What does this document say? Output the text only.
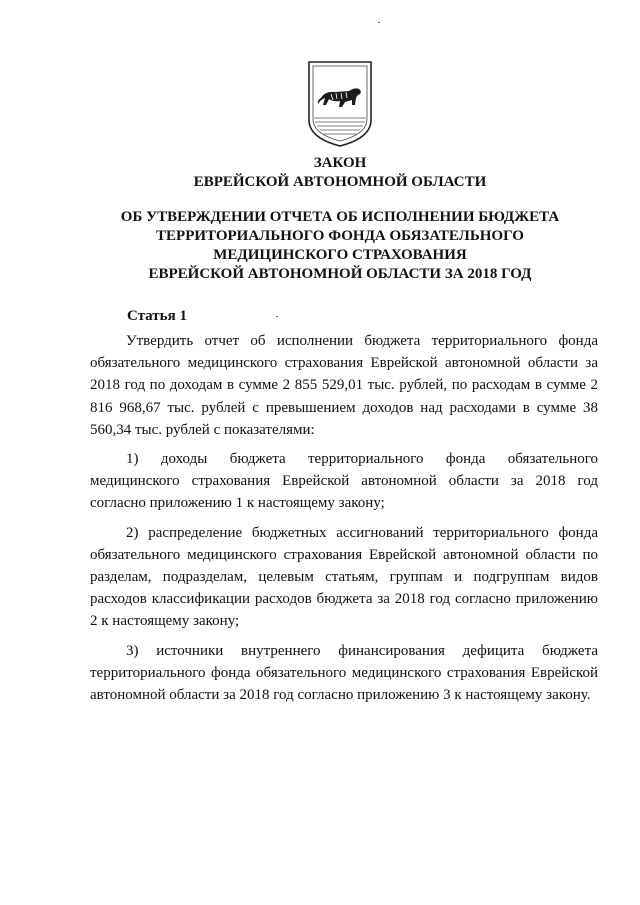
ЗАКОН
ЕВРЕЙСКОЙ АВТОНОМНОЙ ОБЛАСТИ
ОБ УТВЕРЖДЕНИИ ОТЧЕТА ОБ ИСПОЛНЕНИИ БЮДЖЕТА
ТЕРРИТОРИАЛЬНОГО ФОНДА ОБЯЗАТЕЛЬНОГО
МЕДИЦИНСКОГО СТРАХОВАНИЯ
ЕВРЕЙСКОЙ АВТОНОМНОЙ ОБЛАСТИ ЗА 2018 ГОД
Статья 1

Утвердить отчет об исполнении бюджета территориального фонда обязательного медицинского страхования Еврейской автономной области за 2018 год по доходам в сумме 2 855 529,01 тыс. рублей, по расходам в сумме 2 816 968,67 тыс. рублей с превышением доходов над расходами в сумме 38 560,34 тыс. рублей с показателями:

1) доходы бюджета территориального фонда обязательного медицинского страхования Еврейской автономной области за 2018 год согласно приложению 1 к настоящему закону;

2) распределение бюджетных ассигнований территориального фонда обязательного медицинского страхования Еврейской автономной области по разделам, подразделам, целевым статьям, группам и подгруппам видов расходов классификации расходов бюджета за 2018 год согласно приложению 2 к настоящему закону;

3) источники внутреннего финансирования дефицита бюджета территориального фонда обязательного медицинского страхования Еврейской автономной области за 2018 год согласно приложению 3 к настоящему закону.
